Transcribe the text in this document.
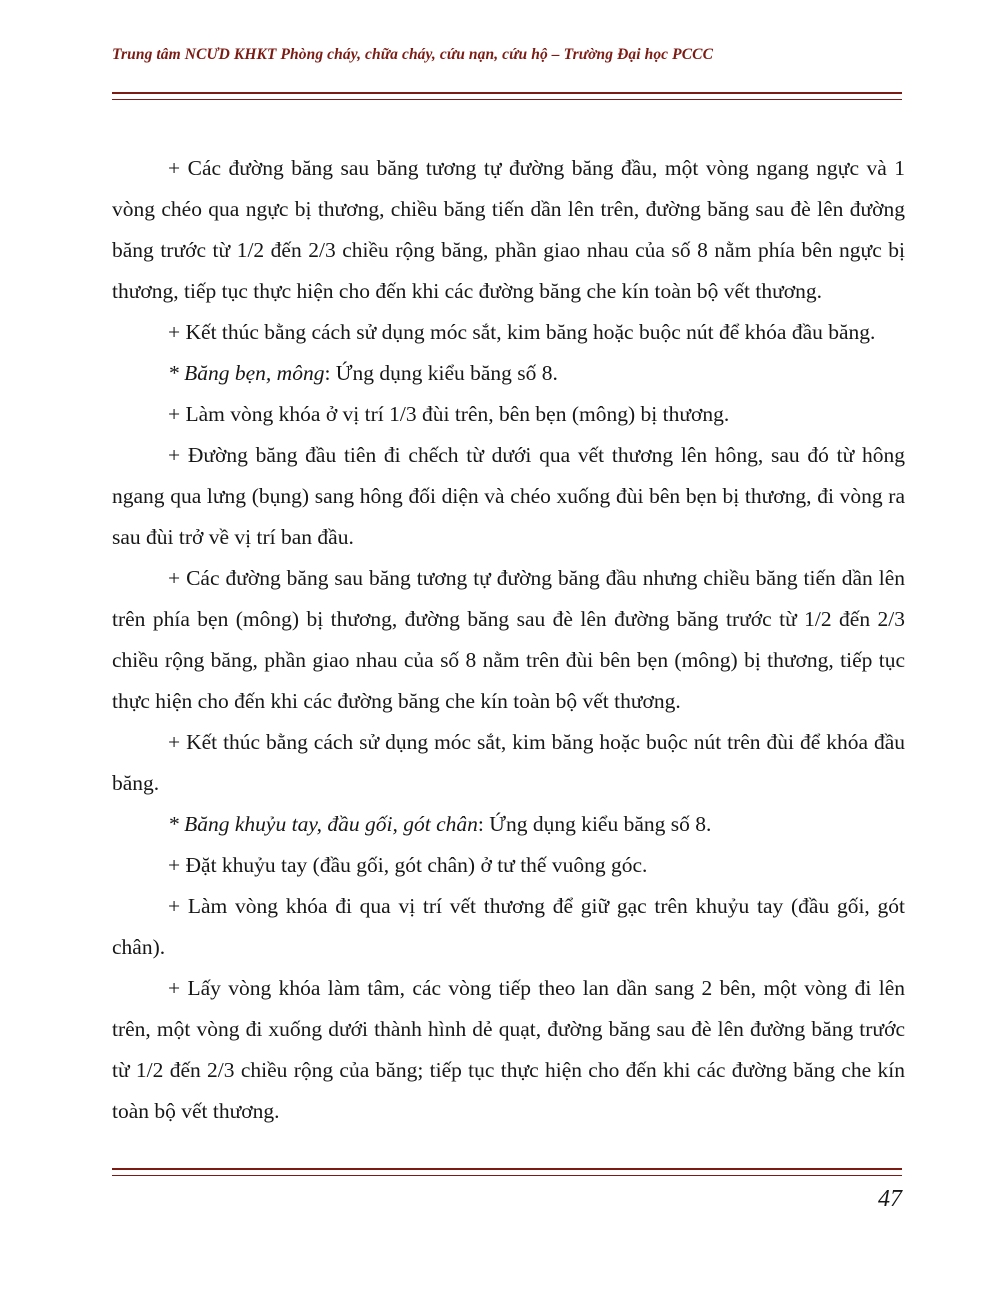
Trung tâm NCƯD KHKT Phòng cháy, chữa cháy, cứu nạn, cứu hộ – Trường Đại học PCCC

+ Các đường băng sau băng tương tự đường băng đầu, một vòng ngang ngực và 1 vòng chéo qua ngực bị thương, chiều băng tiến dần lên trên, đường băng sau đè lên đường băng trước từ 1/2 đến 2/3 chiều rộng băng, phần giao nhau của số 8 nằm phía bên ngực bị thương, tiếp tục thực hiện cho đến khi các đường băng che kín toàn bộ vết thương.

+ Kết thúc bằng cách sử dụng móc sắt, kim băng hoặc buộc nút để khóa đầu băng.

* Băng bẹn, mông: Ứng dụng kiểu băng số 8.

+ Làm vòng khóa ở vị trí 1/3 đùi trên, bên bẹn (mông) bị thương.

+ Đường băng đầu tiên đi chếch từ dưới qua vết thương lên hông, sau đó từ hông ngang qua lưng (bụng) sang hông đối diện và chéo xuống đùi bên bẹn bị thương, đi vòng ra sau đùi trở về vị trí ban đầu.

+ Các đường băng sau băng tương tự đường băng đầu nhưng chiều băng tiến dần lên trên phía bẹn (mông) bị thương, đường băng sau đè lên đường băng trước từ 1/2 đến 2/3 chiều rộng băng, phần giao nhau của số 8 nằm trên đùi bên bẹn (mông) bị thương, tiếp tục thực hiện cho đến khi các đường băng che kín toàn bộ vết thương.

+ Kết thúc bằng cách sử dụng móc sắt, kim băng hoặc buộc nút trên đùi để khóa đầu băng.

* Băng khuỷu tay, đầu gối, gót chân: Ứng dụng kiểu băng số 8.

+ Đặt khuỷu tay (đầu gối, gót chân) ở tư thế vuông góc.

+ Làm vòng khóa đi qua vị trí vết thương để giữ gạc trên khuỷu tay (đầu gối, gót chân).

+ Lấy vòng khóa làm tâm, các vòng tiếp theo lan dần sang 2 bên, một vòng đi lên trên, một vòng đi xuống dưới thành hình dẻ quạt, đường băng sau đè lên đường băng trước từ 1/2 đến 2/3 chiều rộng của băng; tiếp tục thực hiện cho đến khi các đường băng che kín toàn bộ vết thương.

47
